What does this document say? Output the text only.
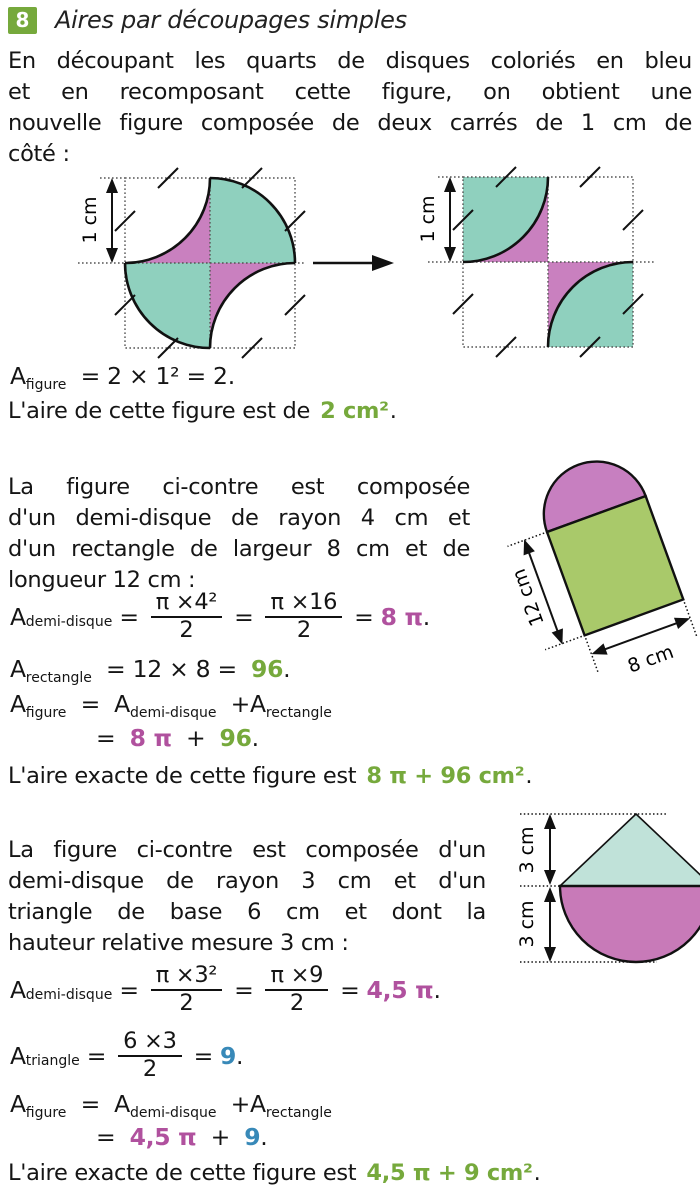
8	Aires par découpages simples
En découpant les quarts de disques coloriés en bleu
et en recomposant cette figure, on obtient une
nouvelle figure composée de deux carrés de 1 cm de
côté :
1 cm	1 cm
$A_{figure} = 2 \times 1^2 = 2$.
L'aire de cette figure est de 2 cm².
La figure ci-contre est composée
d'un demi-disque de rayon 4 cm et
d'un rectangle de largeur 8 cm et de
longueur 12 cm :	12 cm
8 cm
A demi-disque = $\frac{\text{π ×4²}}{2} = \frac{\pi \times 16}{2} = 8$ π .
$A_{rectangle} = 12 \times 8 = 96$.
$A_{figure} = A_{demi-disque} +A_{rectangle}$
= 8 π + 96.
L'aire exacte de cette figure est 8 π + 96 cm².
La figure ci-contre est composée d'un
demi-disque de rayon 3 cm et d'un
triangle de base 6 cm et dont la
hauteur relative mesure 3 cm :
3 cm
3 cm
A demi-disque = $\frac{\text{π ×3²}}{2} = \frac{\pi \times 9}{2} = 4,5$ π .
A triangle = $\frac{6 \times 3}{2} = 9$ .
$A_{figure} = A_{demi-disque} +A_{rectangle}$
= 4,5 π + 9.
L'aire exacte de cette figure est 4,5 π + 9 cm².
